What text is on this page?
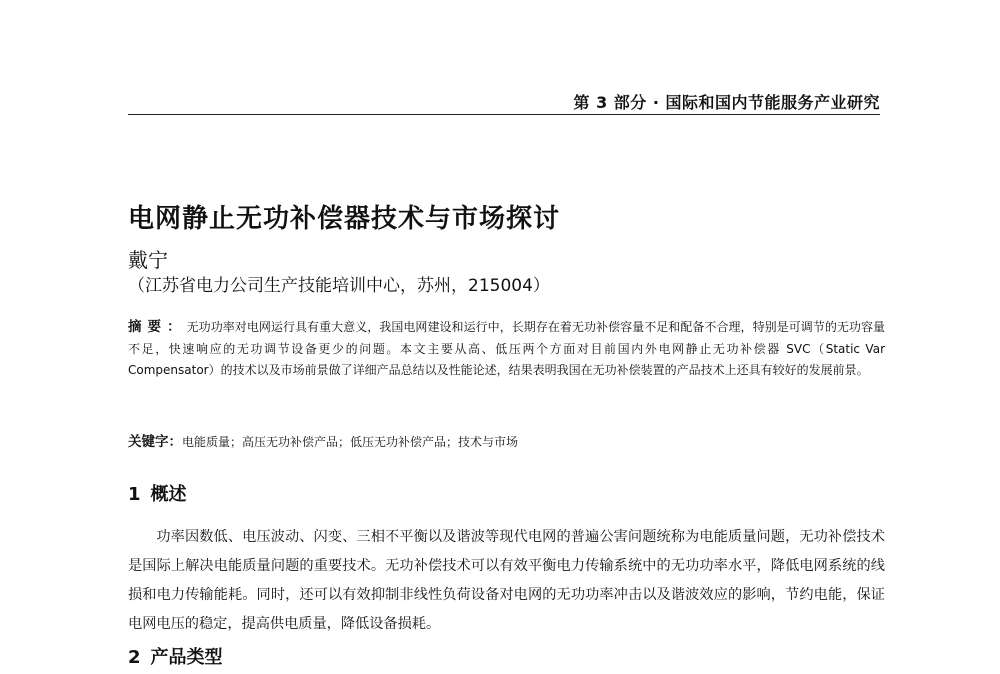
第 3 部分 · 国际和国内节能服务产业研究
电网静止无功补偿器技术与市场探讨
戴宁
（江苏省电力公司生产技能培训中心，苏州，215004）
摘要：无功功率对电网运行具有重大意义，我国电网建设和运行中，长期存在着无功补偿容量不足和配备不合理，特别是可调节的无功容量不足，快速响应的无功调节设备更少的问题。本文主要从高、低压两个方面对目前国内外电网静止无功补偿器 SVC（Static Var Compensator）的技术以及市场前景做了详细产品总结以及性能论述，结果表明我国在无功补偿装置的产品技术上还具有较好的发展前景。
关键字：电能质量；高压无功补偿产品；低压无功补偿产品；技术与市场
1 概述

功率因数低、电压波动、闪变、三相不平衡以及谐波等现代电网的普遍公害问题统称为电能质量问题，无功补偿技术是国际上解决电能质量问题的重要技术。无功补偿技术可以有效平衡电力传输系统中的无功功率水平，降低电网系统的线损和电力传输能耗。同时，还可以有效抑制非线性负荷设备对电网的无功功率冲击以及谐波效应的影响，节约电能，保证电网电压的稳定，提高供电质量，降低设备损耗。

2 产品类型
